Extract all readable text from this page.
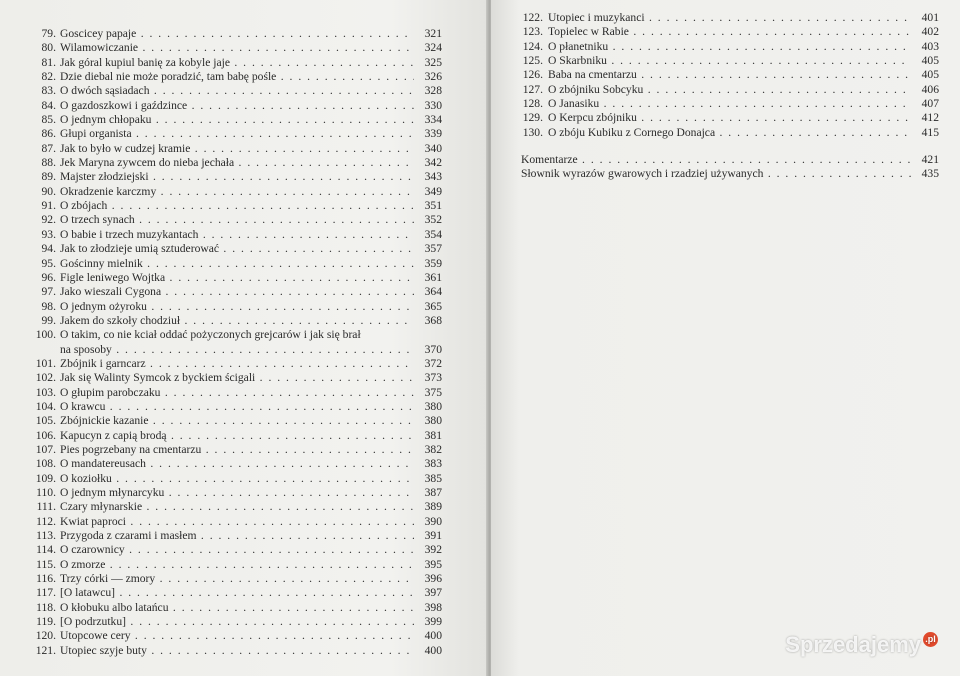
79. Goscicey papaje . . .	321
80. Wilamowiczanie . . .	324
81. Jak góral kupiul banię za kobyle jaje . . .	325
82. Dzie diebal nie może poradzić, tam babę pośle . . .	326
83. O dwóch sąsiadach . . .	328
84. O gazdoszkowi i gaździnce . . .	330
85. O jednym chłopaku . . .	334
86. Głupi organista . . .	339
87. Jak to było w cudzej kramie . . .	340
88. Jek Maryna zywcem do nieba jechała . . .	342
89. Majster złodziejski . . .	343
90. Okradzenie karczmy . . .	349
91. O zbójach . . .	351
92. O trzech synach . . .	352
93. O babie i trzech muzykantach . . .	354
94. Jak to złodzieje umią sztuderować . . .	357
95. Gościnny mielnik . . .	359
96. Figle leniwego Wojtka . . .	361
97. Jako wieszali Cygona . . .	364
98. O jednym ożyroku . . .	365
99. Jakem do szkoły chodziuł . . .	368
100. O takim, co nie kciał oddać pożyczonych grejcarów i jak się brał
na sposoby . . .	370
101. Zbójnik i garncarz . . .	372
102. Jak się Walinty Symcok z byckiem ścigali . . .	373
103. O głupim parobczaku . . .	375
104. O krawcu . . .	380
105. Zbójnickie kazanie . . .	380
106. Kapucyn z capią brodą . . .	381
107. Pies pogrzebany na cmentarzu . . .	382
108. O mandatereusach . . .	383
109. O koziołku . . .	385
110. O jednym młynarcyku . . .	387
111. Czary młynarskie . . .	389
112. Kwiat paproci . . .	390
113. Przygoda z czarami i masłem . . .	391
114. O czarownicy . . .	392
115. O zmorze . . .	395
116. Trzy córki — zmory . . .	396
117. [O latawcu] . . .	397
118. O kłobuku albo latańcu . . .	398
119. [O podrzutku] . . .	399
120. Utopcowe cery . . .	400
121. Utopiec szyje buty . . .	400
122. Utopiec i muzykanci . . .	401
123. Topielec w Rabie . . .	402
124. O płanetniku . . .	403
125. O Skarbniku . . .	405
126. Baba na cmentarzu . . .	405
127. O zbójniku Sobcyku . . .	406
128. O Janasiku . . .	407
129. O Kerpcu zbójniku . . .	412
130. O zbóju Kubiku z Cornego Donajca . . .	415
Komentarze . . .	421
Słownik wyrazów gwarowych i rzadziej używanych . . .	435
Sprzedajemy .pl
